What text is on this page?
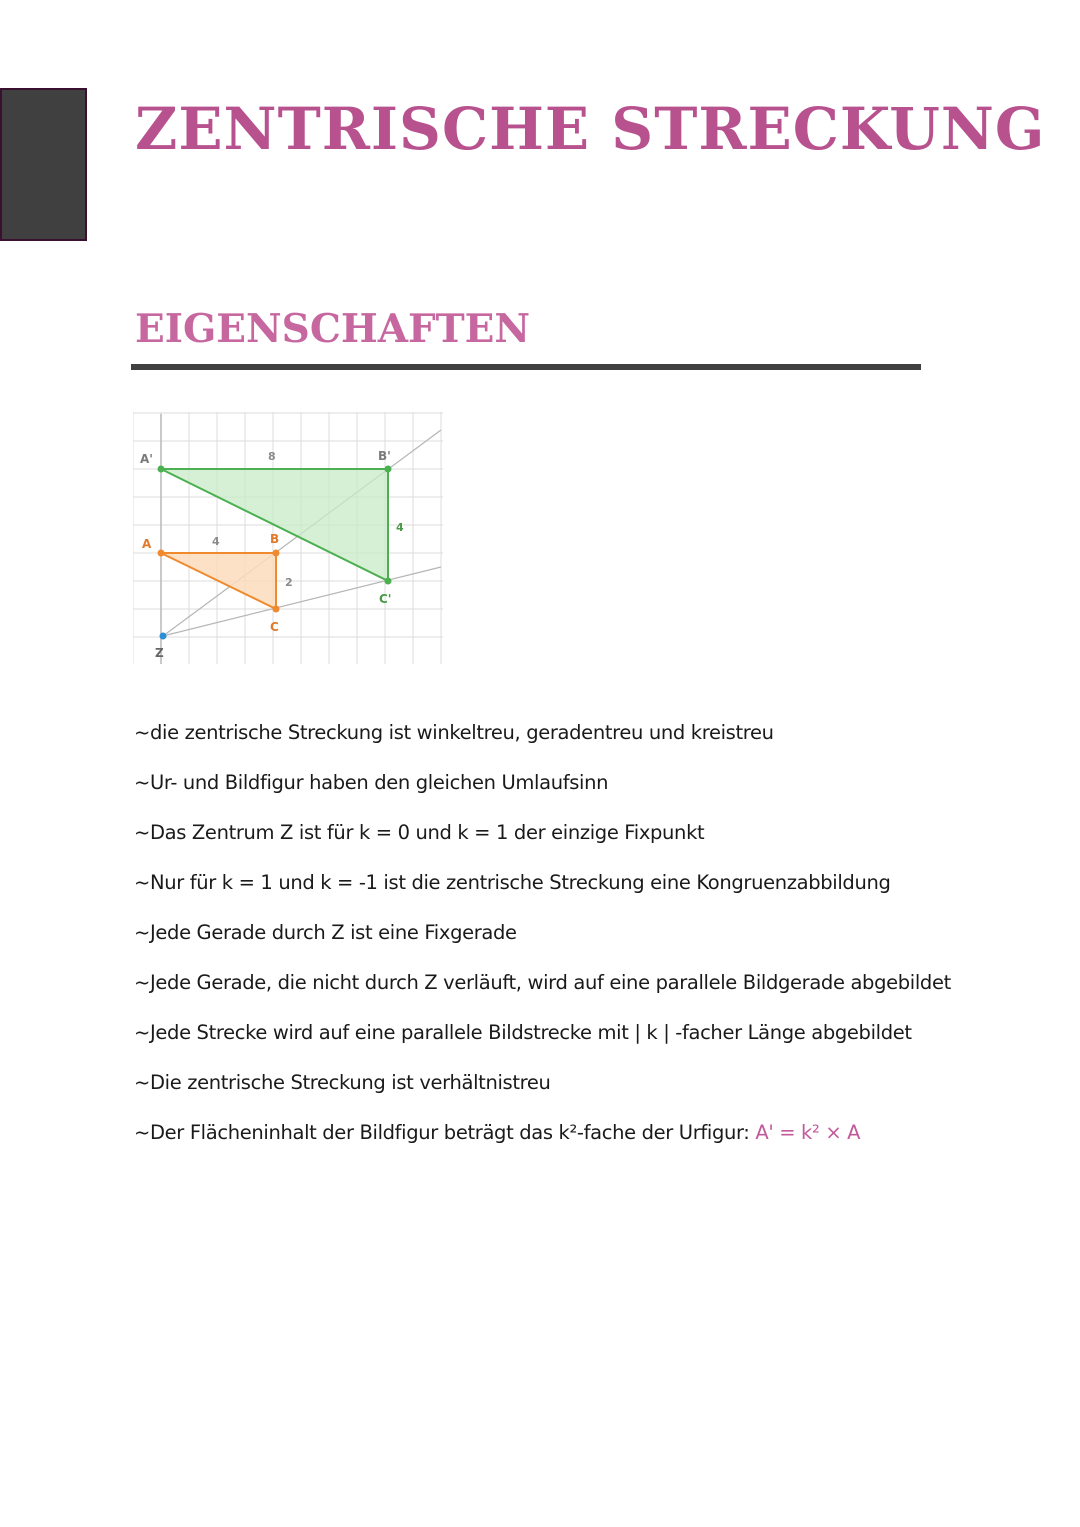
ZENTRISCHE STRECKUNG
EIGENSCHAFTEN
A'	B'
C'
A	B
C
Z
8
4
4
2
~die zentrische Streckung ist winkeltreu, geradentreu und kreistreu
~Ur- und Bildfigur haben den gleichen Umlaufsinn
~Das Zentrum Z ist für k = 0 und k = 1 der einzige Fixpunkt
~Nur für k = 1 und k = -1 ist die zentrische Streckung eine Kongruenzabbildung
~Jede Gerade durch Z ist eine Fixgerade
~Jede Gerade, die nicht durch Z verläuft, wird auf eine parallele Bildgerade abgebildet
~Jede Strecke wird auf eine parallele Bildstrecke mit | k | -facher Länge abgebildet
~Die zentrische Streckung ist verhältnistreu
~Der Flächeninhalt der Bildfigur beträgt das k²-fache der Urfigur: A' = k² × A
